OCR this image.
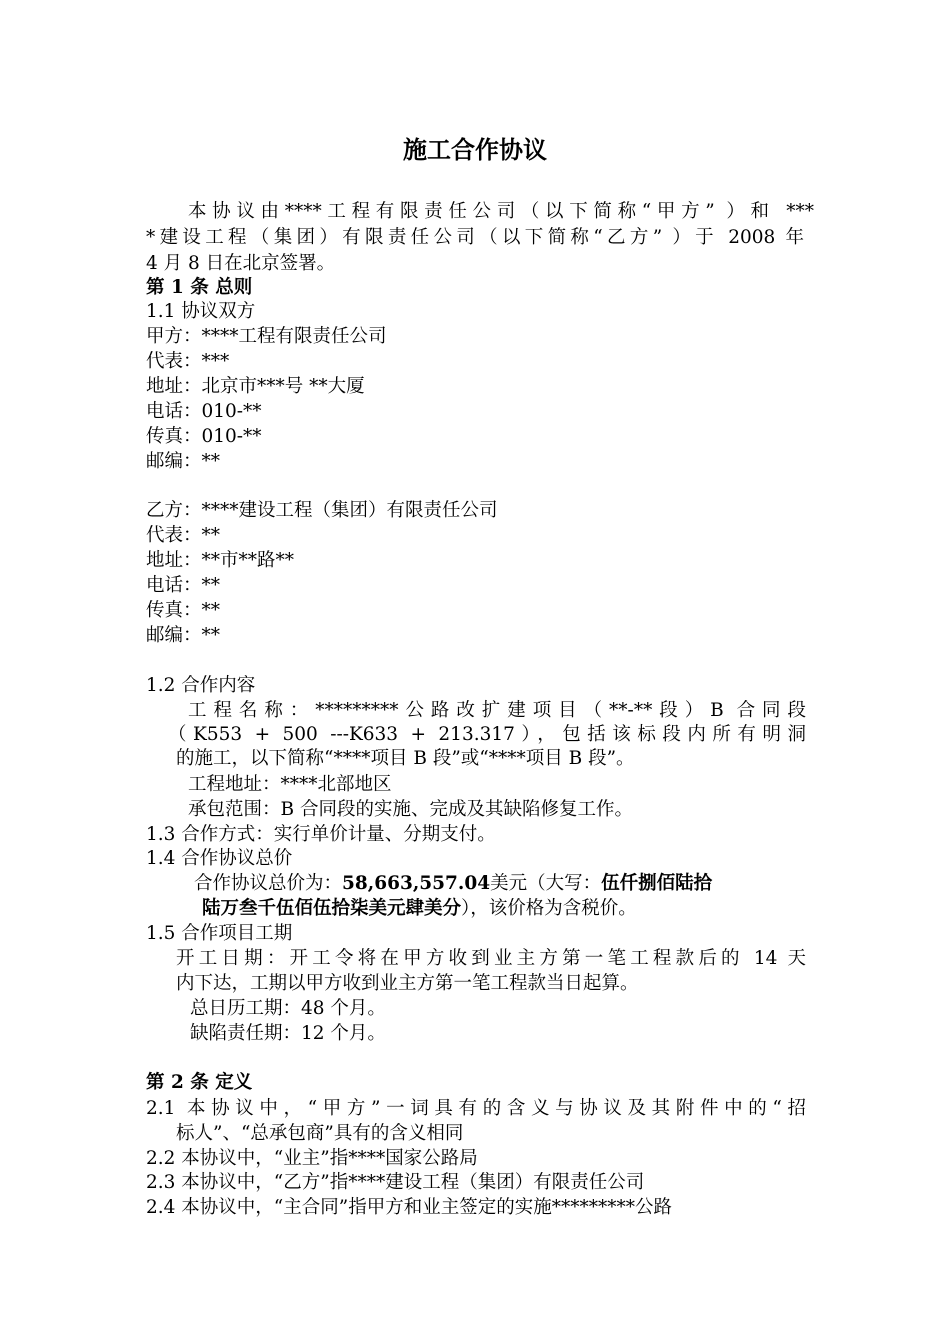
施工合作协议
本协议由****工程有限责任公司（以下简称“甲方” ）和 ***
*建设工程（集团）有限责任公司（以下简称“乙方” ）于 2008 年
4 月 8 日在北京签署。
第 1 条 总则
1.1 协议双方
甲方：****工程有限责任公司
代表：***
地址：北京市***号 **大厦
电话：010-**
传真：010-**
邮编：**
乙方：****建设工程（集团）有限责任公司
代表：**
地址：**市**路**
电话：**
传真：**
邮编：**
1.2 合作内容
工程名称：*********公路改扩建项目（**-**段）B 合同段
（K553 + 500 ---K633 + 213.317），包括该标段内所有明洞
的施工，以下简称“****项目 B 段”或“****项目 B 段”。
工程地址：****北部地区
承包范围：B 合同段的实施、完成及其缺陷修复工作。
1.3 合作方式：实行单价计量、分期支付。
1.4 合作协议总价
合作协议总价为：58,663,557.04美元（大写：伍仟捌佰陆拾
陆万叁千伍佰伍拾柒美元肆美分），该价格为含税价。
1.5 合作项目工期
开工日期：开工令将在甲方收到业主方第一笔工程款后的 14 天
内下达，工期以甲方收到业主方第一笔工程款当日起算。
总日历工期：48 个月。
缺陷责任期：12 个月。
第 2 条 定义
2.1 本协议中，“甲方”一词具有的含义与协议及其附件中的“招
标人”、“总承包商”具有的含义相同
2.2 本协议中，“业主”指****国家公路局
2.3 本协议中，“乙方”指****建设工程（集团）有限责任公司
2.4 本协议中，“主合同”指甲方和业主签定的实施*********公路
